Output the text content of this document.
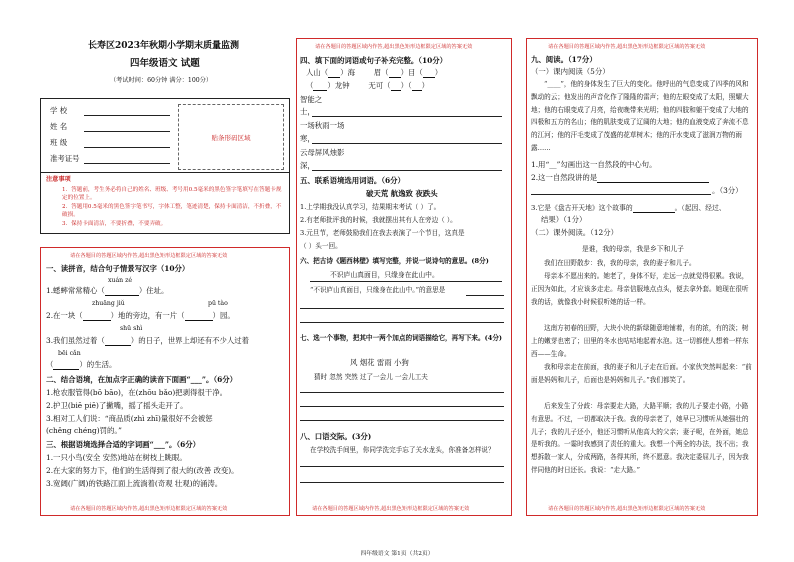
长寿区2023年秋期小学期末质量监测
四年级语文 试题
（考试时间：60分钟 满分：100分）
学 校
姓 名
班 级
准考证号
贴条形码区域
注意事项
1．答题前，考生务必将自己的姓名、班级、考号用0.5毫米的黑色签字笔填写在答题卡规定的位置上。
2．答题用0.5毫米的黑色签字笔书写，字体工整，笔迹清楚，保持卡面清洁，不折叠，不破损。
3．保持卡面清洁，不要折叠，不要弄破。
请在各题目的答题区域内作答,超出黑色矩形边框限定区域的答案无效
一、读拼音，结合句子情景写汉字（10分）
xuán zé
1.蟋蟀常常精心（	）住址。
zhuāng jiǔ	pū tào
2.在一块（	）地的旁边，有一片（	）园。
shū shì
3.我们虽然过着（	）的日子，世界上却还有不少人过着
bēi cǎn
（	）的生活。
二、结合语境，在加点字正确的读音下面画“___”。（6分）
1.枪农服管得(bō bāo)，在(zhōu bǎo)把剥得很干净。
2.护卫(biē piē)了撇嘴，摇了摇头走开了。
3.相对工人们说：“商品质(zhì zhī)量很好不会被惩
(chěng chéng)罚的。”
三、根据语境选择合适的字词画“___”。（6分）
1.一只小鸟(安全 安然)地站在树枝上眺眼。
2.在大家的努力下，他们的生活得到了很大的(改善 改变)。
3.宽阔(广阔)的铁路江面上流淌着(奇观 壮观)的涌涛。
请在各题目的答题区域内作答,超出黑色矩形边框限定区域的答案无效
请在各题目的答题区域内作答,超出黑色矩形边框限定区域的答案无效
四、填下面的词语或句子补充完整。（10分）
人山（ ）海	眉（ ）目（ ）
（ ）龙钟	无可（ ）（ ）
智能之
士，
一场秋雨一场
寒，
云母屏风烛影
深，
五、联系语境选用词语。（6分）
破天荒 航逸致 夜跌头
1.上学期我没认真学习，结果期末考试（ ）了。
2.有老师批评我的时候，我就摆出其有人在旁边（ ）。
3.元旦节，老师鼓励我们在我去表演了一个节目，这真是
（ ）头一回。
六、把古诗《题西林壁》填写完整，并说一说诗句的意思。(8分)
不识庐山真面目，只缘身在此山中。
“不识庐山真面目，只缘身在此山中。”的意思是
七、选一个事物，把其中一两个加点的词语描绘它，再写下来。(4分)
风 烟花 雷雨 小狗
猜时 忽然 突然 过了一会儿 一会儿工夫
八、口语交际。(3分)
在学校洗手间里，你同学洗完手忘了关水龙头，你准备怎样说？
请在各题目的答题区域内作答,超出黑色矩形边框限定区域的答案无效
请在各题目的答题区域内作答,超出黑色矩形边框限定区域的答案无效
九、阅读。（17分）
（一）课内阅读（5分）
“____”，他的身体发生了巨大的变化。他呼出的气息变成了四季的风和飘动的云；他发出的声音化作了隆隆的雷声；他的左眼变成了太阳，照耀大地；他的右眼变成了月亮，给夜晚带来光明；他的四肢和躯干变成了大地的四极和五方的名山；他的肌肤变成了辽阔的大地；他的血液变成了奔流不息的江河；他的汗毛变成了茂盛的花草树木；他的汗水变成了滋润万物的雨露……
1.用“__”勾画出这一自然段的中心句。
2.这一自然段讲的是
。（3分）
3.它是《盘古开天地》这个故事的	。（起因、经过、
结果）（1分）
（二）课外阅读。（12分）
是谁，我的母亲，我是乡下和儿子
我们在田野散步：我，我的母亲，我的妻子和儿子。
母亲本不愿出来的。她老了，身体不好，走远一点就觉得很累。我说，正因为如此，才应该多走走。母亲信服地点点头，便去拿外套。她现在很听我的话，就像我小时候很听她的话一样。
这南方初春的田野，大块小块的新绿随意地铺着，有的浓，有的淡；树上的嫩芽也密了；田里的冬水也咕咕地起着水泡。这一切都使人想着一样东西——生命。
我和母亲走在前面，我的妻子和儿子走在后面。小家伙突然叫起来：“前面是妈妈和儿子，后面也是妈妈和儿子。”我们都笑了。
后来发生了分歧：母亲要走大路，大路平顺；我的儿子要走小路，小路有意思。不过，一切都取决于我。我的母亲老了，她早已习惯听从她强壮的儿子；我的儿子还小，他还习惯听从他高大的父亲；妻子呢，在外面，她总是听我的。一霎时我感到了责任的重大。我想一个两全的办法，找不出；我想拆散一家人，分成两路，各得其所，终不愿意。我决定委屈儿子，因为我伴同他的时日还长。我说：“走大路。”
请在各题目的答题区域内作答,超出黑色矩形边框限定区域的答案无效
四年级语文 第1页（共2页）
